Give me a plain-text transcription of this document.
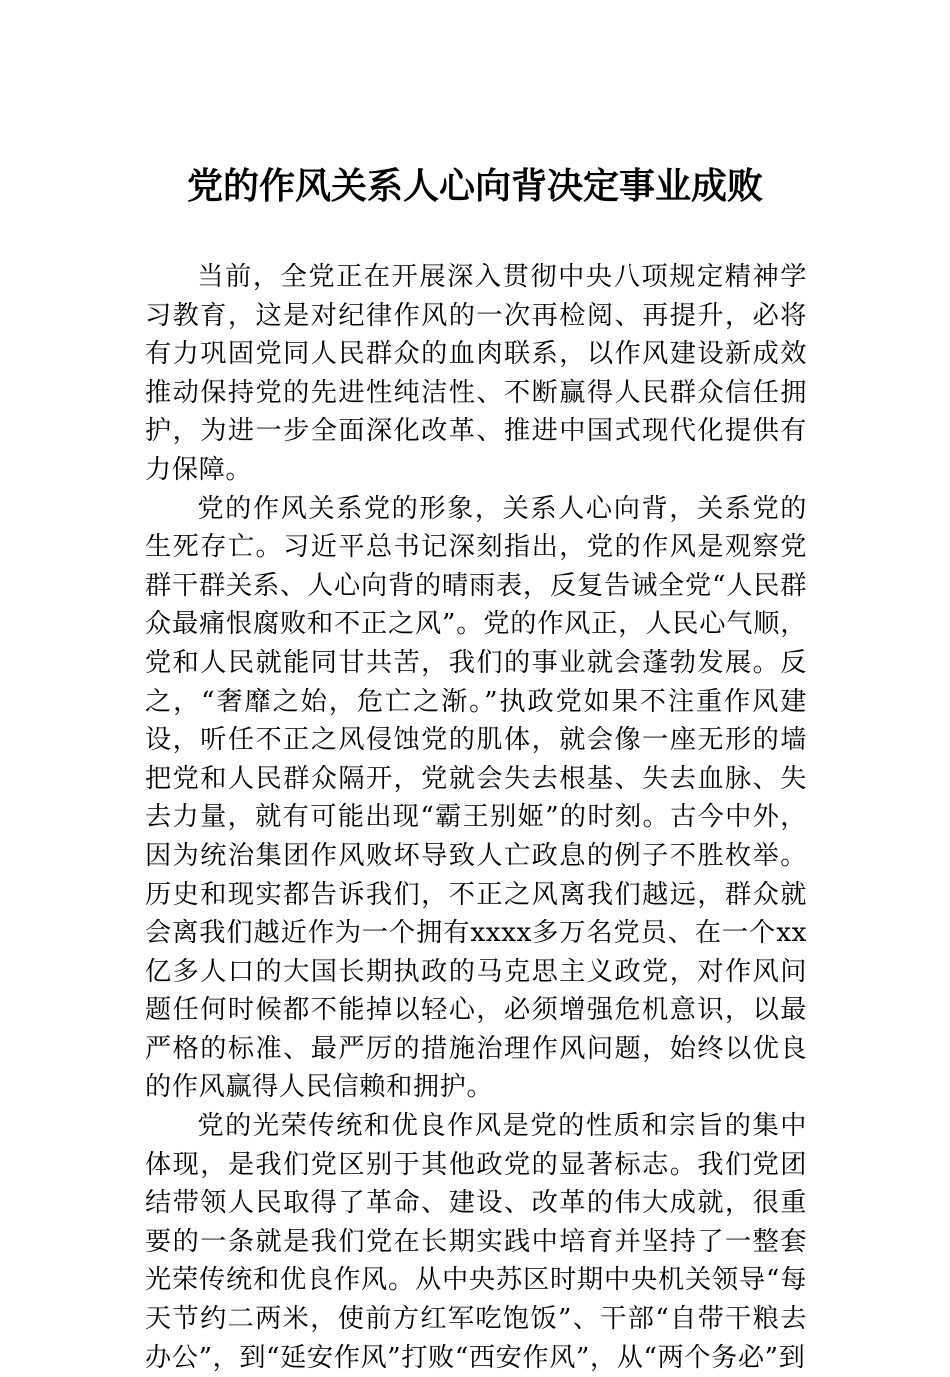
党的作风关系人心向背决定事业成败

当前，全党正在开展深入贯彻中央八项规定精神学习教育，这是对纪律作风的一次再检阅、再提升，必将有力巩固党同人民群众的血肉联系，以作风建设新成效推动保持党的先进性纯洁性、不断赢得人民群众信任拥护，为进一步全面深化改革、推进中国式现代化提供有力保障。

党的作风关系党的形象，关系人心向背，关系党的生死存亡。习近平总书记深刻指出，党的作风是观察党群干群关系、人心向背的晴雨表，反复告诫全党“人民群众最痛恨腐败和不正之风”。党的作风正，人民心气顺，党和人民就能同甘共苦，我们的事业就会蓬勃发展。反之，“奢靡之始，危亡之渐。”执政党如果不注重作风建设，听任不正之风侵蚀党的肌体，就会像一座无形的墙把党和人民群众隔开，党就会失去根基、失去血脉、失去力量，就有可能出现“霸王别姬”的时刻。古今中外，因为统治集团作风败坏导致人亡政息的例子不胜枚举。历史和现实都告诉我们，不正之风离我们越远，群众就会离我们越近作为一个拥有xxxx多万名党员、在一个xx亿多人口的大国长期执政的马克思主义政党，对作风问题任何时候都不能掉以轻心，必须增强危机意识，以最严格的标准、最严厉的措施治理作风问题，始终以优良的作风赢得人民信赖和拥护。

党的光荣传统和优良作风是党的性质和宗旨的集中体现，是我们党区别于其他政党的显著标志。我们党团结带领人民取得了革命、建设、改革的伟大成就，很重要的一条就是我们党在长期实践中培育并坚持了一整套光荣传统和优良作风。从中央苏区时期中央机关领导“每天节约二两米，使前方红军吃饱饭”、干部“自带干粮去办公”，到“延安作风”打败“西安作风”，从“两个务必”到
